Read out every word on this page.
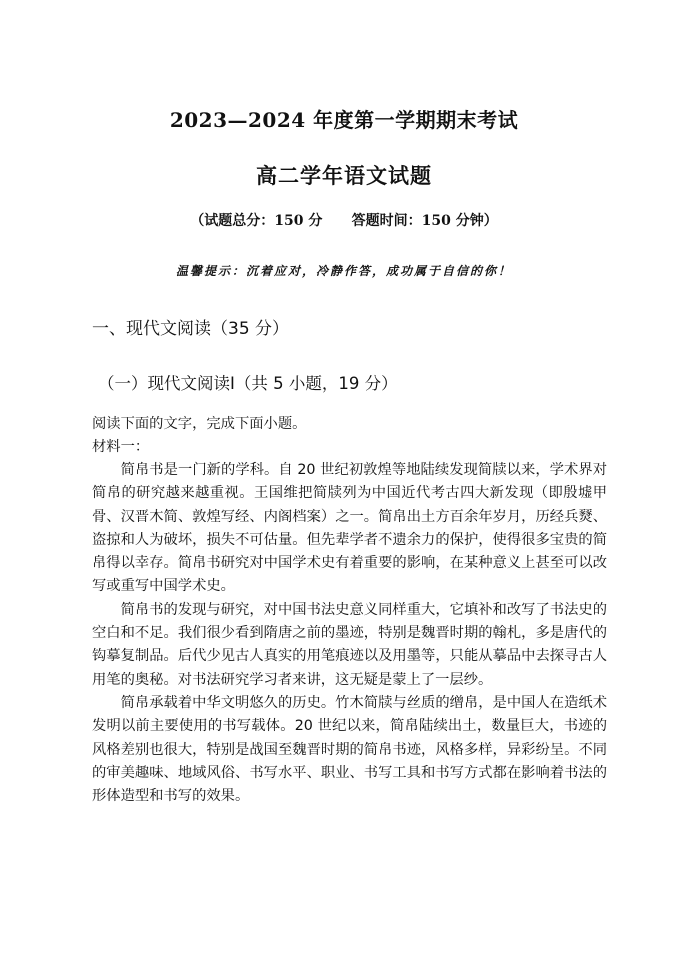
2023—2024 年度第一学期期末考试
高二学年语文试题
（试题总分：150 分      答题时间：150 分钟）
温馨提示：沉着应对，冷静作答，成功属于自信的你！
一、现代文阅读（35 分）
（一）现代文阅读Ⅰ（共 5 小题，19 分）
阅读下面的文字，完成下面小题。
材料一：

简帛书是一门新的学科。自 20 世纪初敦煌等地陆续发现简牍以来，学术界对简帛的研究越来越重视。王国维把简牍列为中国近代考古四大新发现（即殷墟甲骨、汉晋木简、敦煌写经、内阁档案）之一。简帛出土方百余年岁月，历经兵燹、盗掠和人为破坏，损失不可估量。但先辈学者不遗余力的保护，使得很多宝贵的简帛得以幸存。简帛书研究对中国学术史有着重要的影响，在某种意义上甚至可以改写或重写中国学术史。

简帛书的发现与研究，对中国书法史意义同样重大，它填补和改写了书法史的空白和不足。我们很少看到隋唐之前的墨迹，特别是魏晋时期的翰札，多是唐代的钩摹复制品。后代少见古人真实的用笔痕迹以及用墨等，只能从摹品中去探寻古人用笔的奥秘。对书法研究学习者来讲，这无疑是蒙上了一层纱。

简帛承载着中华文明悠久的历史。竹木简牍与丝质的缯帛，是中国人在造纸术发明以前主要使用的书写载体。20 世纪以来，简帛陆续出土，数量巨大，书迹的风格差别也很大，特别是战国至魏晋时期的简帛书迹，风格多样，异彩纷呈。不同的审美趣味、地域风俗、书写水平、职业、书写工具和书写方式都在影响着书法的形体造型和书写的效果。
